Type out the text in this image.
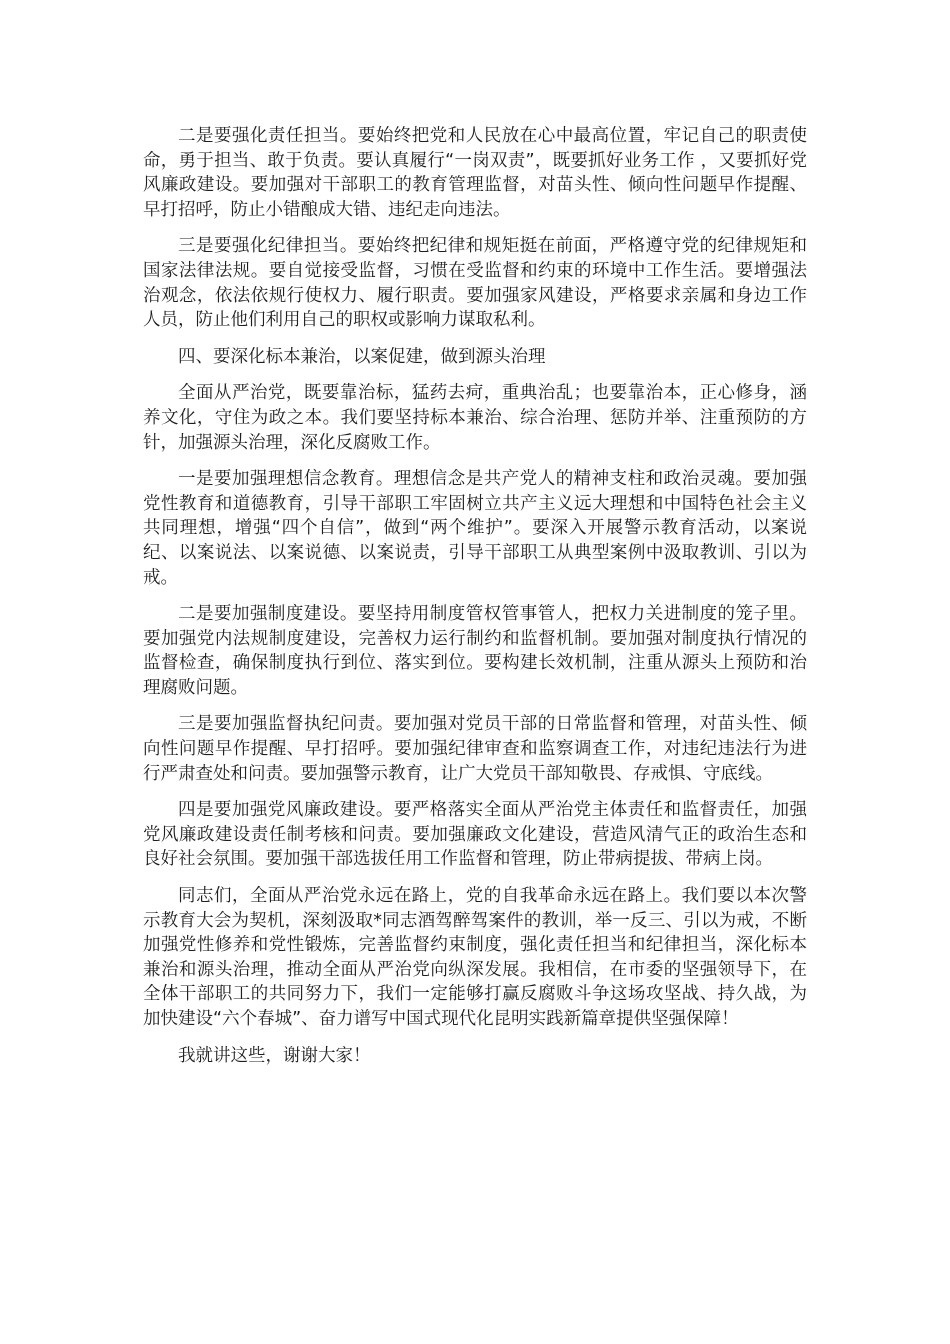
二是要强化责任担当。要始终把党和人民放在心中最高位置，牢记自己的职责使命，勇于担当、敢于负责。要认真履行“一岗双责”，既要抓好业务工作 ，又要抓好党风廉政建设。要加强对干部职工的教育管理监督，对苗头性、倾向性问题早作提醒、早打招呼，防止小错酿成大错、违纪走向违法。

三是要强化纪律担当。要始终把纪律和规矩挺在前面，严格遵守党的纪律规矩和国家法律法规。要自觉接受监督，习惯在受监督和约束的环境中工作生活。要增强法治观念，依法依规行使权力、履行职责。要加强家风建设，严格要求亲属和身边工作人员，防止他们利用自己的职权或影响力谋取私利。

四、要深化标本兼治，以案促建，做到源头治理

全面从严治党，既要靠治标，猛药去疴，重典治乱；也要靠治本，正心修身，涵养文化，守住为政之本。我们要坚持标本兼治、综合治理、惩防并举、注重预防的方针，加强源头治理，深化反腐败工作。

一是要加强理想信念教育。理想信念是共产党人的精神支柱和政治灵魂。要加强党性教育和道德教育，引导干部职工牢固树立共产主义远大理想和中国特色社会主义共同理想，增强“四个自信”，做到“两个维护”。要深入开展警示教育活动，以案说纪、以案说法、以案说德、以案说责，引导干部职工从典型案例中汲取教训、引以为戒。

二是要加强制度建设。要坚持用制度管权管事管人，把权力关进制度的笼子里。要加强党内法规制度建设，完善权力运行制约和监督机制。要加强对制度执行情况的监督检查，确保制度执行到位、落实到位。要构建长效机制，注重从源头上预防和治理腐败问题。

三是要加强监督执纪问责。要加强对党员干部的日常监督和管理，对苗头性、倾向性问题早作提醒、早打招呼。要加强纪律审查和监察调查工作，对违纪违法行为进行严肃查处和问责。要加强警示教育，让广大党员干部知敬畏、存戒惧、守底线。

四是要加强党风廉政建设。要严格落实全面从严治党主体责任和监督责任，加强党风廉政建设责任制考核和问责。要加强廉政文化建设，营造风清气正的政治生态和良好社会氛围。要加强干部选拔任用工作监督和管理，防止带病提拔、带病上岗。

同志们，全面从严治党永远在路上，党的自我革命永远在路上。我们要以本次警示教育大会为契机，深刻汲取*同志酒驾醉驾案件的教训，举一反三、引以为戒，不断加强党性修养和党性锻炼，完善监督约束制度，强化责任担当和纪律担当，深化标本兼治和源头治理，推动全面从严治党向纵深发展。我相信，在市委的坚强领导下，在全体干部职工的共同努力下，我们一定能够打赢反腐败斗争这场攻坚战、持久战，为加快建设“六个春城”、奋力谱写中国式现代化昆明实践新篇章提供坚强保障！

我就讲这些，谢谢大家！
